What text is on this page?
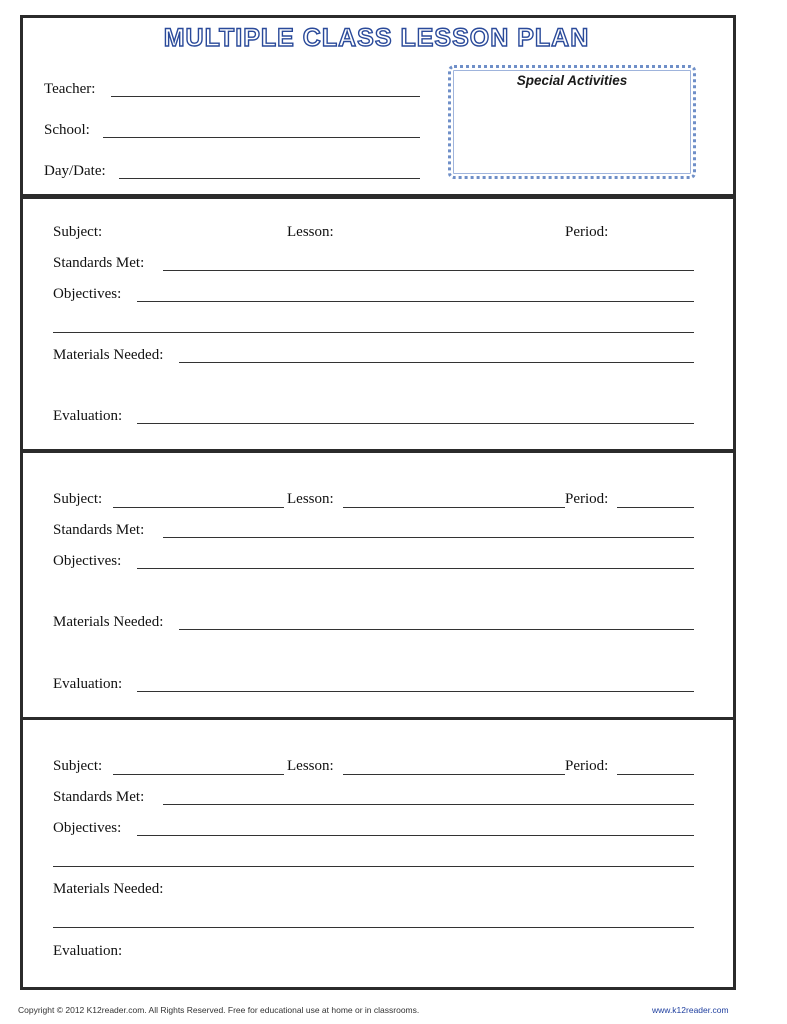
MULTIPLE CLASS LESSON PLAN
Teacher:
School:
Day/Date:
Special Activities
Subject:	Lesson:	Period:
Standards Met:
Objectives:
Materials Needed:
Evaluation:
Subject:	Lesson:	Period:
Standards Met:
Objectives:
Materials Needed:
Evaluation:
Subject:	Lesson:	Period:
Standards Met:
Objectives:
Materials Needed:
Evaluation:
Copyright © 2012 K12reader.com. All Rights Reserved. Free for educational use at home or in classrooms.	www.k12reader.com
